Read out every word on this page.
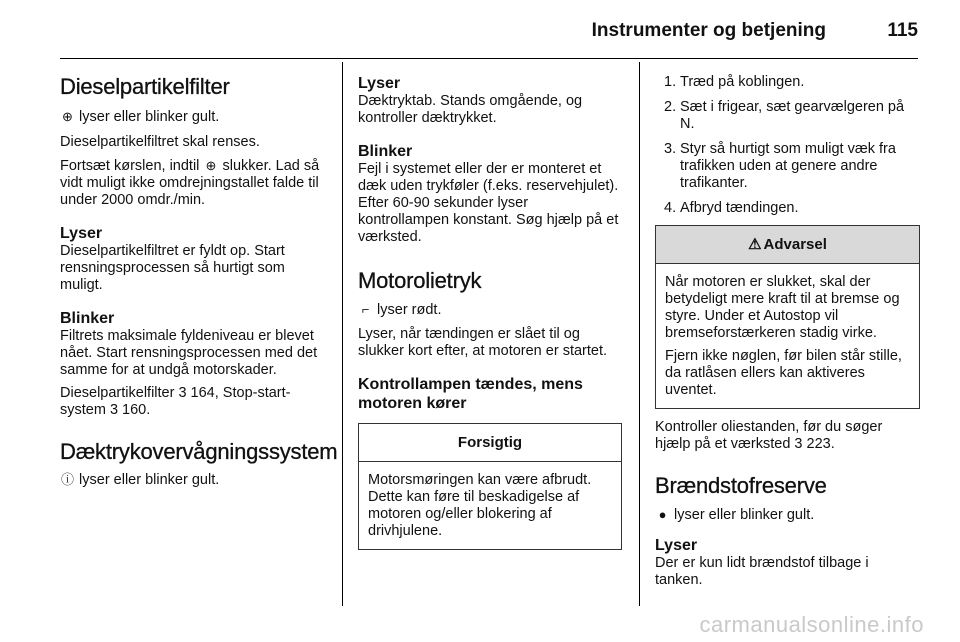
Instrumenter og betjening	115
Dieselpartikelfilter

⊕ lyser eller blinker gult.

Dieselpartikelfiltret skal renses.

Fortsæt kørslen, indtil ⊕ slukker. Lad så vidt muligt ikke omdrejningstallet falde til under 2000 omdr./min.

Lyser

Dieselpartikelfiltret er fyldt op. Start rensningsprocessen så hurtigt som muligt.

Blinker

Filtrets maksimale fyldeniveau er blevet nået. Start rensningsprocessen med det samme for at undgå motorskader.

Dieselpartikelfilter 3 164, Stop-start-system 3 160.

Dæktrykovervågningssystem

ⓘ lyser eller blinker gult.

Lyser

Dæktryktab. Stands omgående, og kontroller dæktrykket.

Blinker

Fejl i systemet eller der er monteret et dæk uden trykføler (f.eks. reservehjulet). Efter 60-90 sekunder lyser kontrollampen konstant. Søg hjælp på et værksted.

Motorolietryk

⌐ lyser rødt.

Lyser, når tændingen er slået til og slukker kort efter, at motoren er startet.

Kontrollampen tændes, mens motoren kører
Forsigtig

Motorsmøringen kan være afbrudt. Dette kan føre til beskadigelse af motoren og/eller blokering af drivhjulene.

1. Træd på koblingen.
2. Sæt i frigear, sæt gearvælgeren på N.
3. Styr så hurtigt som muligt væk fra trafikken uden at genere andre trafikanter.
4. Afbryd tændingen.
⚠ Advarsel

Når motoren er slukket, skal der betydeligt mere kraft til at bremse og styre. Under et Autostop vil bremseforstærkeren stadig virke.

Fjern ikke nøglen, før bilen står stille, da ratlåsen ellers kan aktiveres uventet.

Kontroller oliestanden, før du søger hjælp på et værksted 3 223.

Brændstofreserve

● lyser eller blinker gult.

Lyser

Der er kun lidt brændstof tilbage i tanken.

carmanualsonline.info
